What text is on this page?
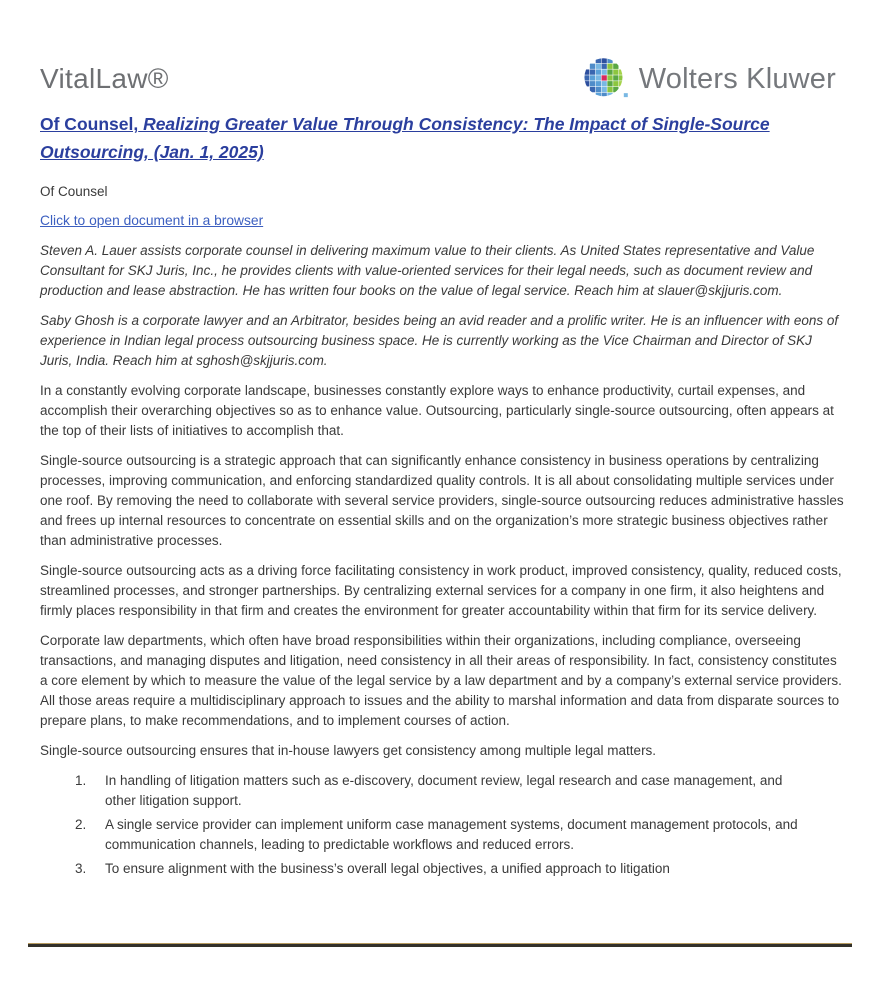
VitalLaw®	Wolters Kluwer
Of Counsel, Realizing Greater Value Through Consistency: The Impact of Single-Source Outsourcing, (Jan. 1, 2025)

Of Counsel

Click to open document in a browser

Steven A. Lauer assists corporate counsel in delivering maximum value to their clients. As United States representative and Value Consultant for SKJ Juris, Inc., he provides clients with value-oriented services for their legal needs, such as document review and production and lease abstraction. He has written four books on the value of legal service. Reach him at slauer@skjjuris.com.

Saby Ghosh is a corporate lawyer and an Arbitrator, besides being an avid reader and a prolific writer. He is an influencer with eons of experience in Indian legal process outsourcing business space. He is currently working as the Vice Chairman and Director of SKJ Juris, India. Reach him at sghosh@skjjuris.com.

In a constantly evolving corporate landscape, businesses constantly explore ways to enhance productivity, curtail expenses, and accomplish their overarching objectives so as to enhance value. Outsourcing, particularly single-source outsourcing, often appears at the top of their lists of initiatives to accomplish that.

Single-source outsourcing is a strategic approach that can significantly enhance consistency in business operations by centralizing processes, improving communication, and enforcing standardized quality controls. It is all about consolidating multiple services under one roof. By removing the need to collaborate with several service providers, single-source outsourcing reduces administrative hassles and frees up internal resources to concentrate on essential skills and on the organization’s more strategic business objectives rather than administrative processes.

Single-source outsourcing acts as a driving force facilitating consistency in work product, improved consistency, quality, reduced costs, streamlined processes, and stronger partnerships. By centralizing external services for a company in one firm, it also heightens and firmly places responsibility in that firm and creates the environment for greater accountability within that firm for its service delivery.

Corporate law departments, which often have broad responsibilities within their organizations, including compliance, overseeing transactions, and managing disputes and litigation, need consistency in all their areas of responsibility. In fact, consistency constitutes a core element by which to measure the value of the legal service by a law department and by a company’s external service providers. All those areas require a multidisciplinary approach to issues and the ability to marshal information and data from disparate sources to prepare plans, to make recommendations, and to implement courses of action.

Single-source outsourcing ensures that in-house lawyers get consistency among multiple legal matters.

1.	In handling of litigation matters such as e-discovery, document review, legal research and case management, and other litigation support.
2.	A single service provider can implement uniform case management systems, document management protocols, and communication channels, leading to predictable workflows and reduced errors.
3.	To ensure alignment with the business’s overall legal objectives, a unified approach to litigation
